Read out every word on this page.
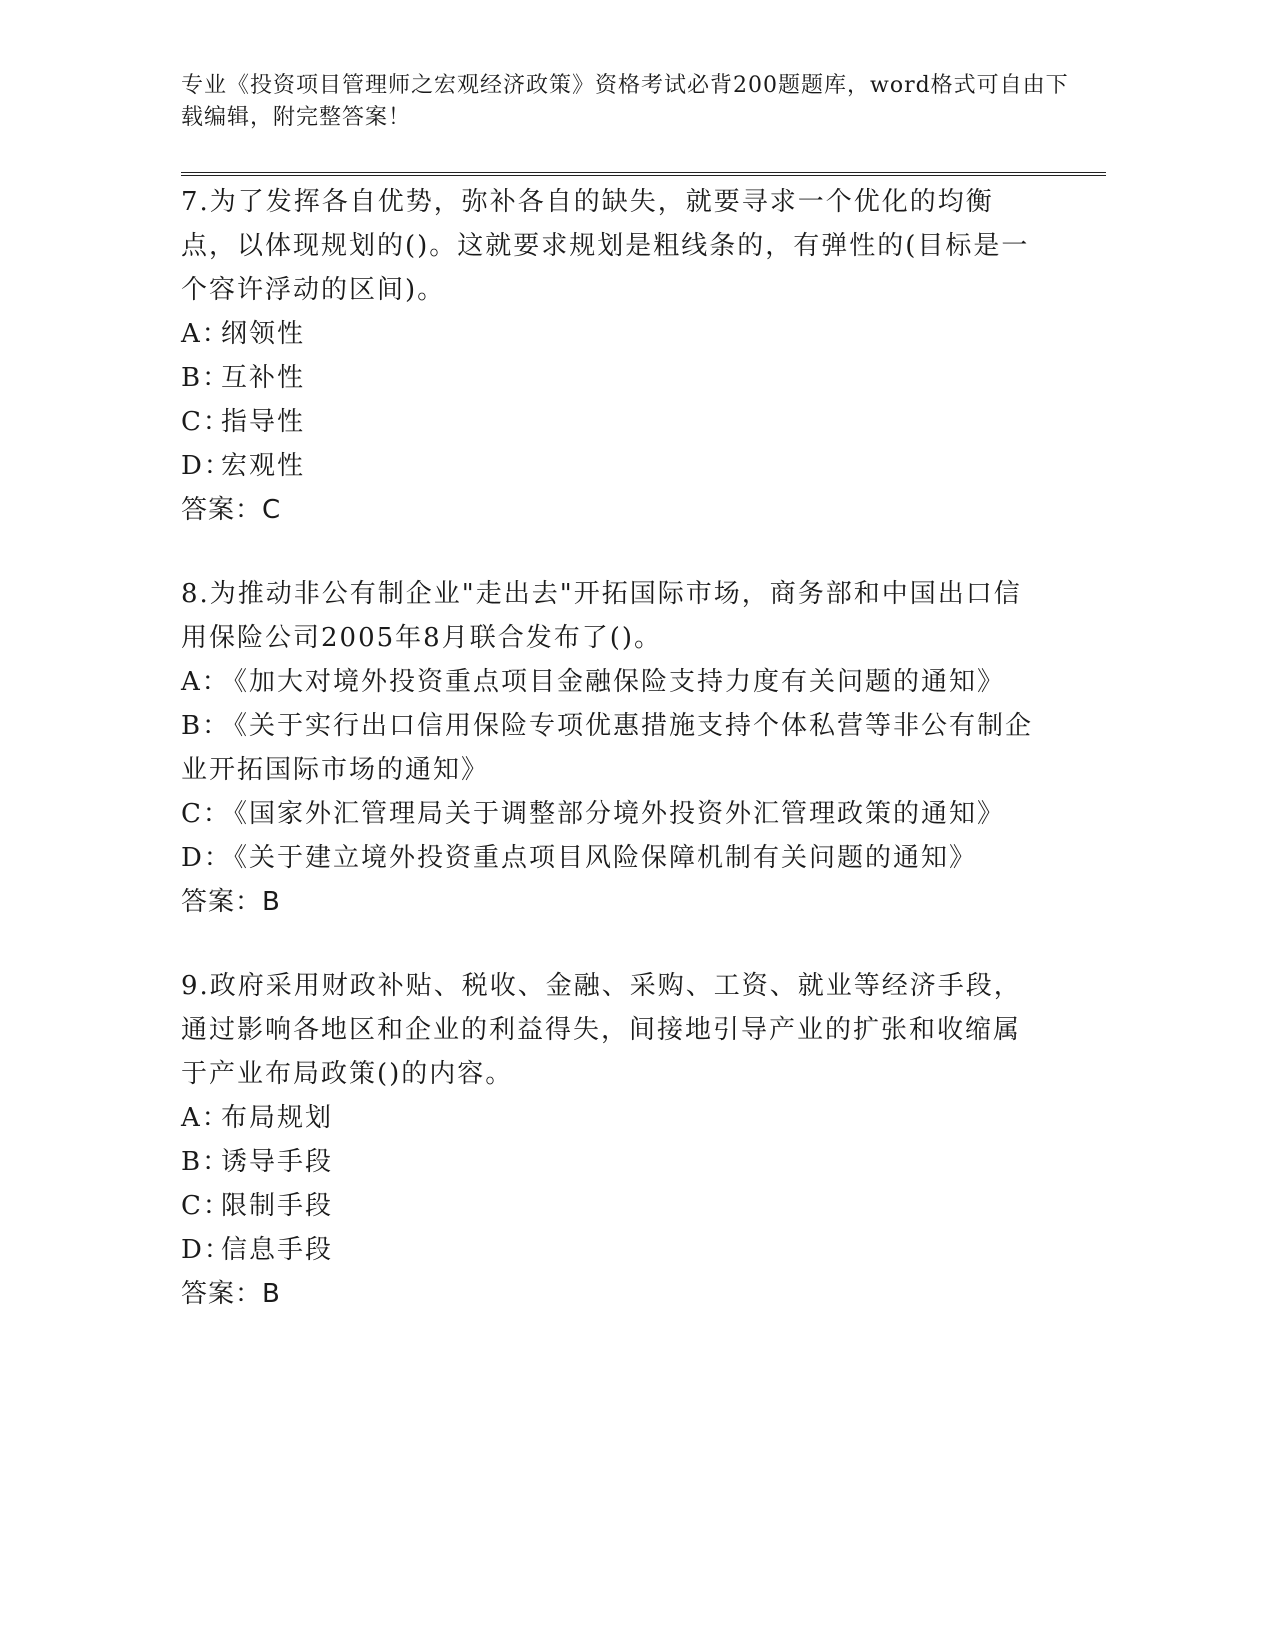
专业《投资项目管理师之宏观经济政策》资格考试必背200题题库，word格式可自由下载编辑，附完整答案！
7.为了发挥各自优势，弥补各自的缺失，就要寻求一个优化的均衡点，以体现规划的()。这就要求规划是粗线条的，有弹性的(目标是一个容许浮动的区间)。
A：纲领性
B：互补性
C：指导性
D：宏观性
答案：C
8.为推动非公有制企业"走出去"开拓国际市场，商务部和中国出口信用保险公司2005年8月联合发布了()。
A：《加大对境外投资重点项目金融保险支持力度有关问题的通知》
B：《关于实行出口信用保险专项优惠措施支持个体私营等非公有制企业开拓国际市场的通知》
C：《国家外汇管理局关于调整部分境外投资外汇管理政策的通知》
D：《关于建立境外投资重点项目风险保障机制有关问题的通知》
答案：B
9.政府采用财政补贴、税收、金融、采购、工资、就业等经济手段，通过影响各地区和企业的利益得失，间接地引导产业的扩张和收缩属于产业布局政策()的内容。
A：布局规划
B：诱导手段
C：限制手段
D：信息手段
答案：B
